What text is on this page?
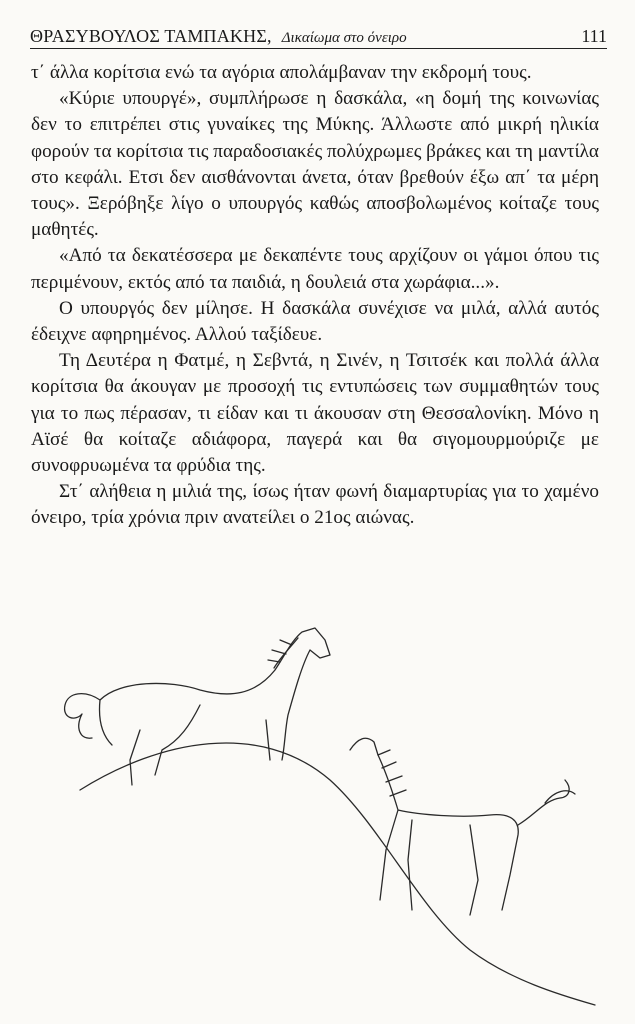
ΘΡΑΣΥΒΟΥΛΟΣ ΤΑΜΠΑΚΗΣ, Δικαίωμα στο όνειρο	111

τ΄ άλλα κορίτσια ενώ τα αγόρια απολάμβαναν την εκδρομή τους.

«Κύριε υπουργέ», συμπλήρωσε η δασκάλα, «η δομή της κοινωνίας δεν το επιτρέπει στις γυναίκες της Μύκης. Άλλωστε από μικρή ηλικία φορούν τα κορίτσια τις παραδοσιακές πολύχρωμες βράκες και τη μαντίλα στο κεφάλι. Ετσι δεν αισθάνονται άνετα, όταν βρεθούν έξω απ΄ τα μέρη τους». Ξερόβηξε λίγο ο υπουργός καθώς αποσβολωμένος κοίταζε τους μαθητές.

«Από τα δεκατέσσερα με δεκαπέντε τους αρχίζουν οι γάμοι όπου τις περιμένουν, εκτός από τα παιδιά, η δουλειά στα χωράφια...».

Ο υπουργός δεν μίλησε. Η δασκάλα συνέχισε να μιλά, αλλά αυτός έδειχνε αφηρημένος. Αλλού ταξίδευε.

Τη Δευτέρα η Φατμέ, η Σεβντά, η Σινέν, η Τσιτσέκ και πολλά άλλα κορίτσια θα άκουγαν με προσοχή τις εντυπώσεις των συμμαθητών τους για το πως πέρασαν, τι είδαν και τι άκουσαν στη Θεσσαλονίκη. Μόνο η Αϊσέ θα κοίταζε αδιάφορα, παγερά και θα σιγομουρμούριζε με συνοφρυωμένα τα φρύδια της.

Στ΄ αλήθεια η μιλιά της, ίσως ήταν φωνή διαμαρτυρίας για το χαμένο όνειρο, τρία χρόνια πριν ανατείλει ο 21ος αιώνας.
